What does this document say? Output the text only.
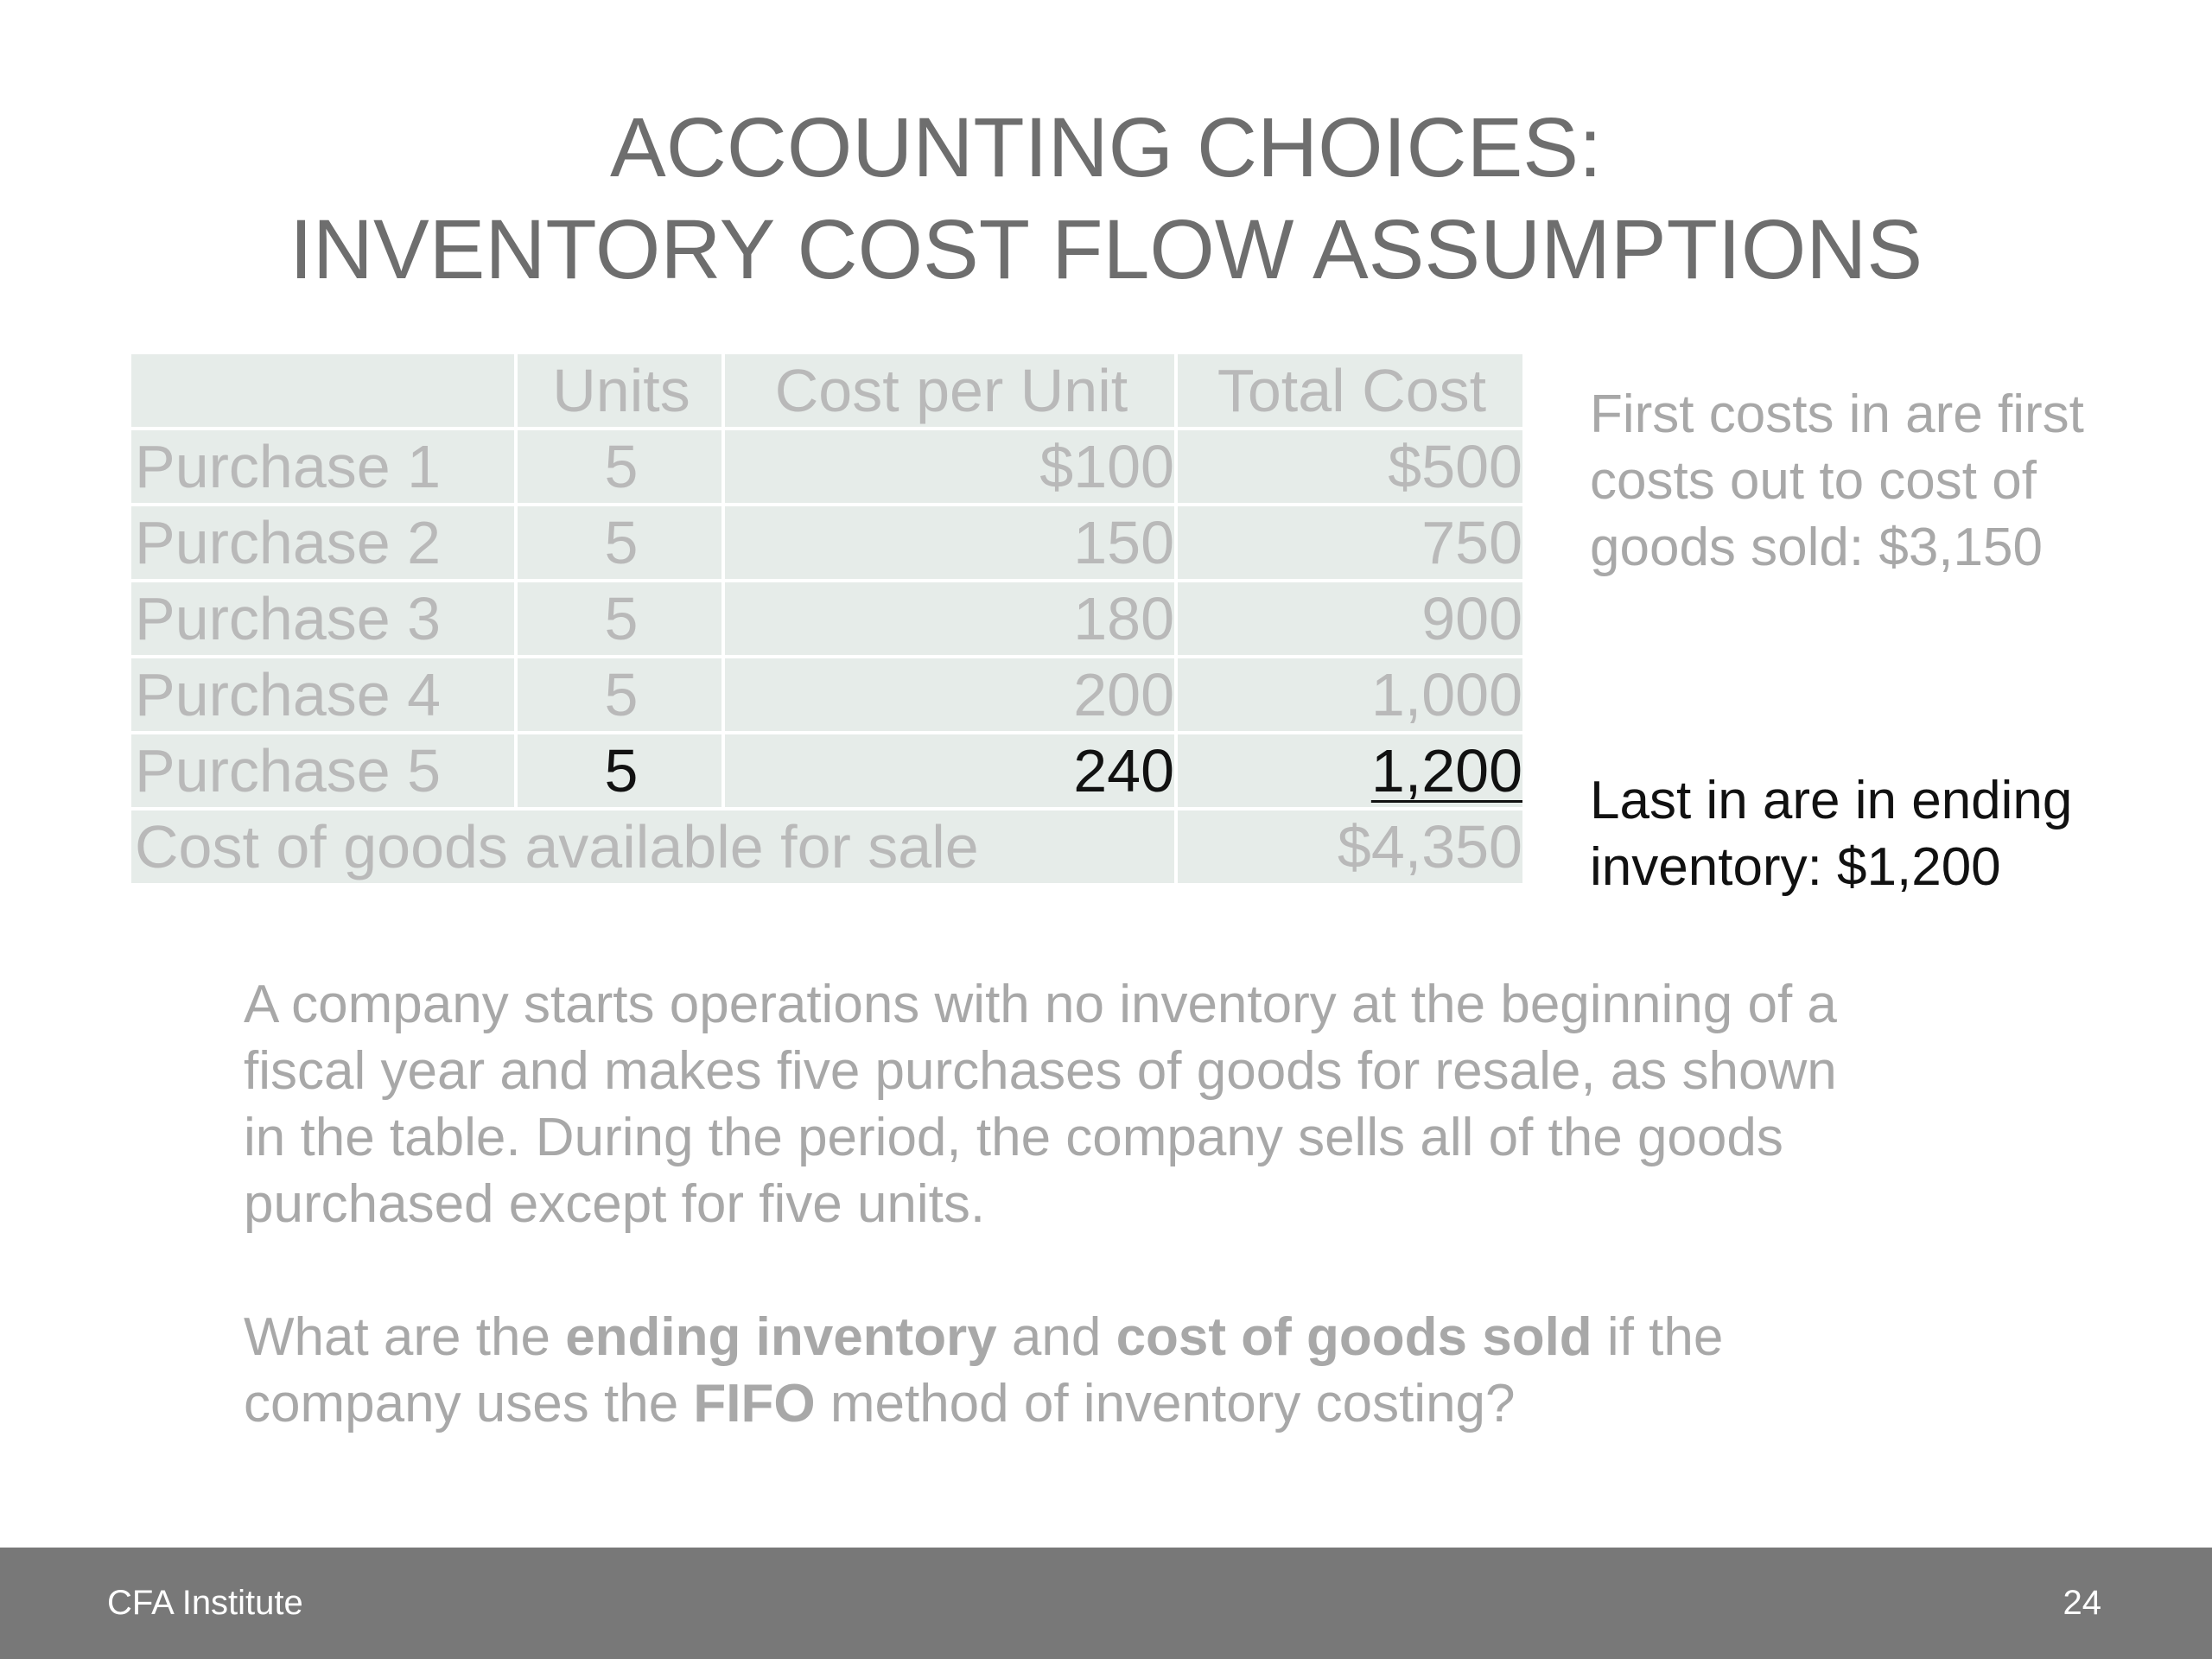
ACCOUNTING CHOICES:
INVENTORY COST FLOW ASSUMPTIONS
	Units	Cost per Unit	Total Cost
Purchase 1	5	$100	$500
Purchase 2	5	150	750
Purchase 3	5	180	900
Purchase 4	5	200	1,000
Purchase 5	5	240	1,200
Cost of goods available for sale			$4,350
First costs in are first costs out to cost of goods sold: $3,150
Last in are in ending inventory: $1,200

A company starts operations with no inventory at the beginning of a fiscal year and makes five purchases of goods for resale, as shown in the table. During the period, the company sells all of the goods purchased except for five units.

What are the ending inventory and cost of goods sold if the company uses the FIFO method of inventory costing?

CFA Institute	24
